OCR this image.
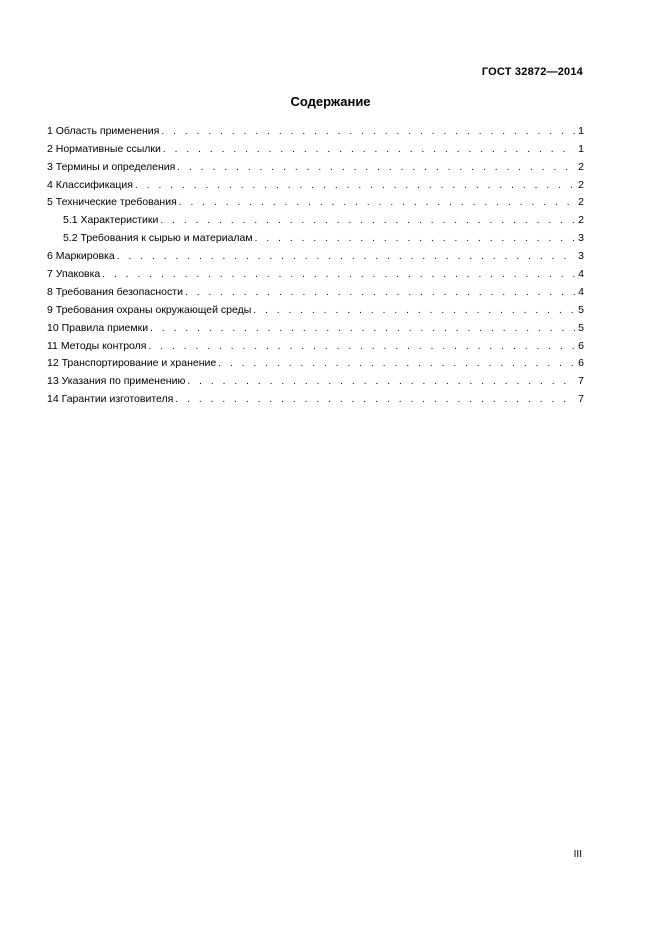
ГОСТ 32872—2014
Содержание
1 Область применения . . .	1
2 Нормативные ссылки . . .	1
3 Термины и определения . . .	2
4 Классификация . . .	2
5 Технические требования . . .	2
5.1 Характеристики . . .	2
5.2 Требования к сырью и материалам . . .	3
6 Маркировка . . .	3
7 Упаковка . . .	4
8 Требования безопасности . . .	4
9 Требования охраны окружающей среды . . .	5
10 Правила приемки . . .	5
11 Методы контроля . . .	6
12 Транспортирование и хранение . . .	6
13 Указания по применению . . .	7
14 Гарантии изготовителя . . .	7
III
